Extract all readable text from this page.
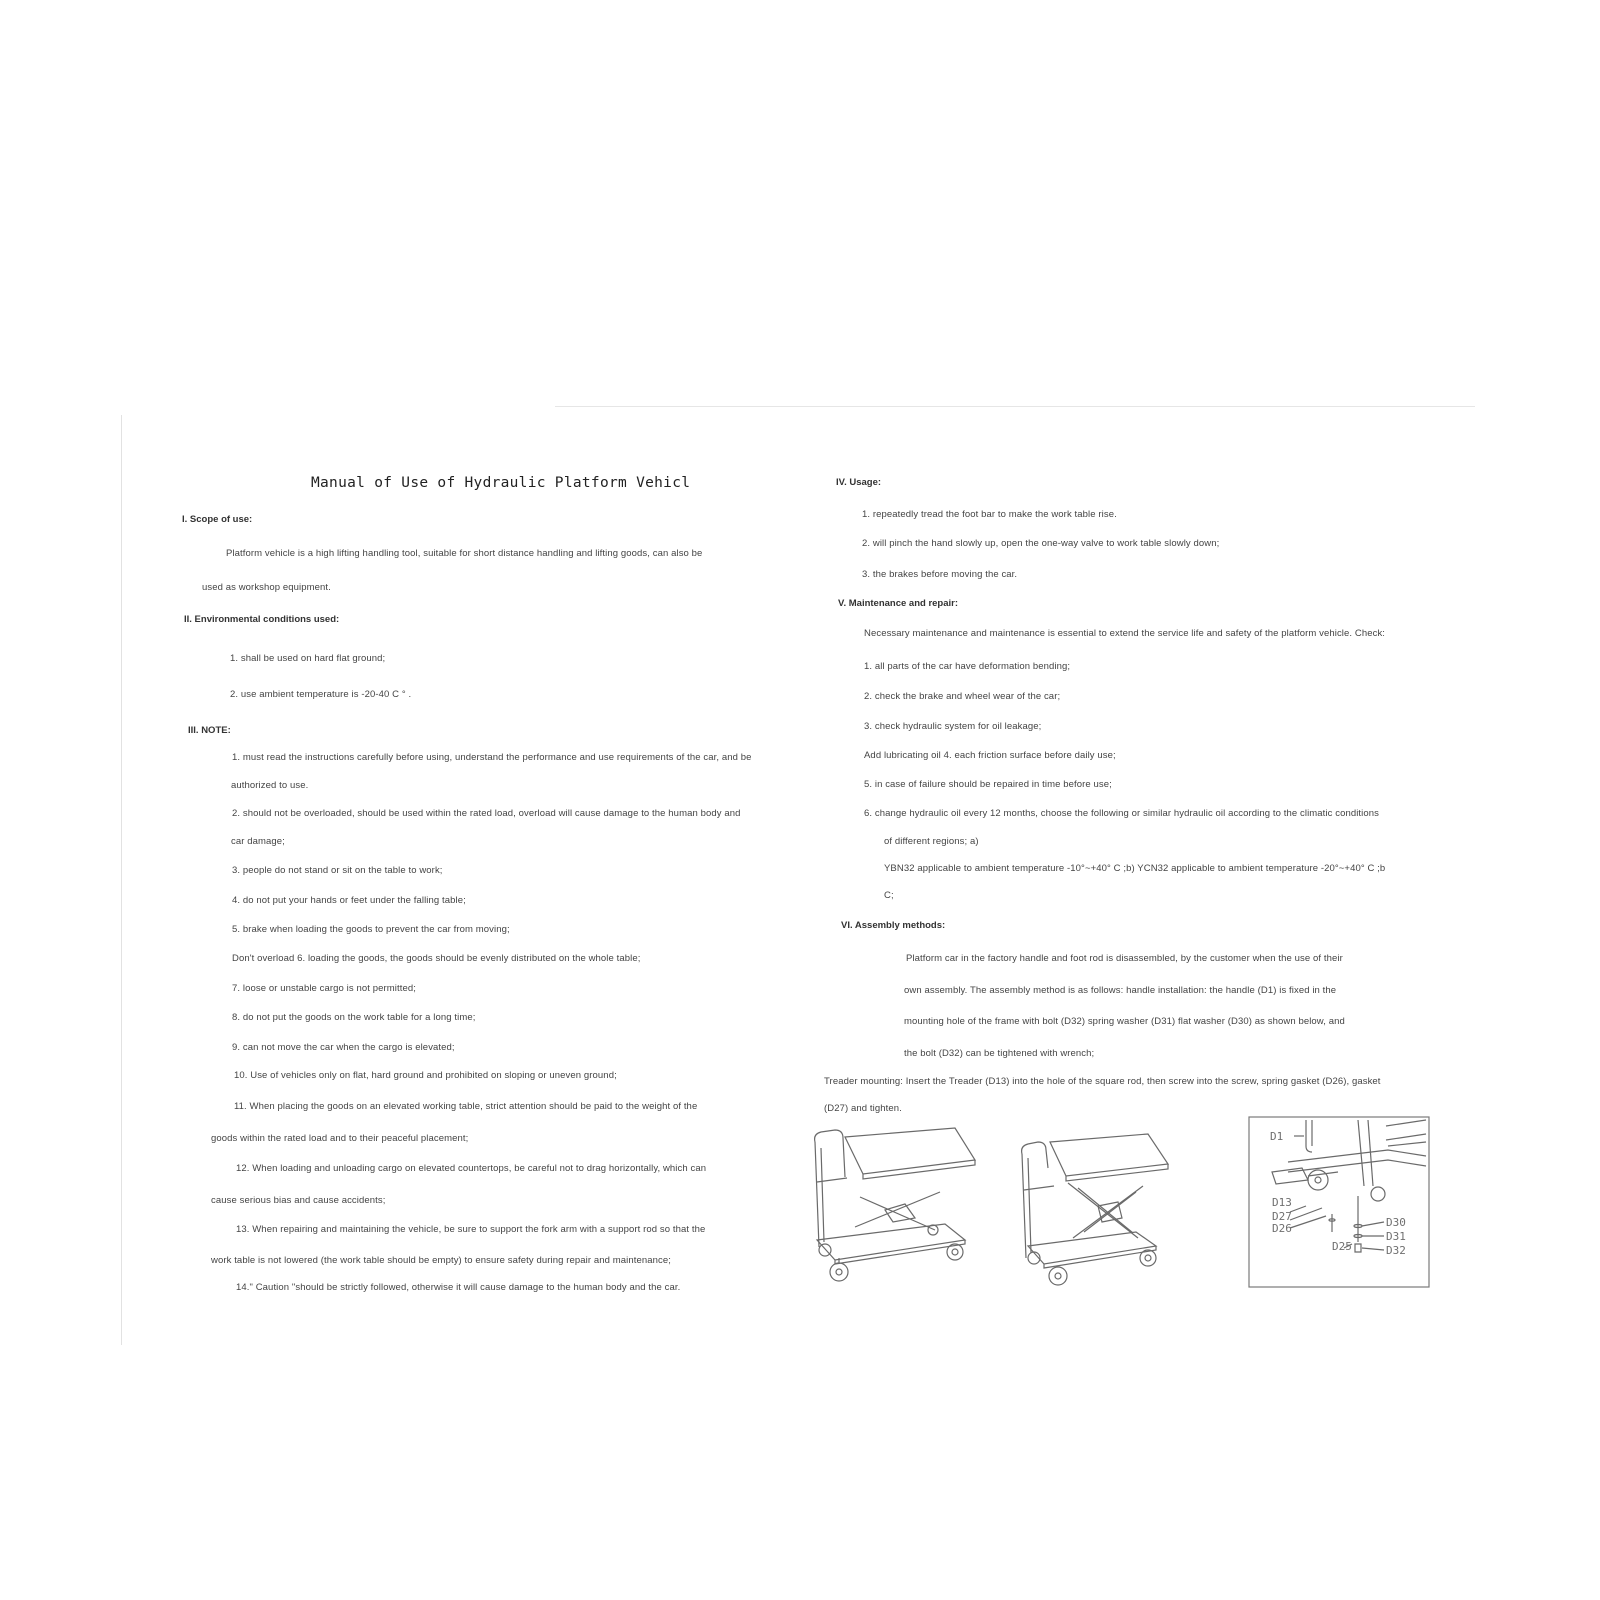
Manual of Use of Hydraulic Platform Vehicl
I. Scope of use:
Platform vehicle is a high lifting handling tool, suitable for short distance handling and lifting goods, can also be
used as workshop equipment.
II. Environmental conditions used:
1. shall be used on hard flat ground;
2. use ambient temperature is -20-40 C ° .
III. NOTE:
1. must read the instructions carefully before using, understand the performance and use requirements of the car, and be
authorized to use.
2. should not be overloaded, should be used within the rated load, overload will cause damage to the human body and
car damage;
3. people do not stand or sit on the table to work;
4. do not put your hands or feet under the falling table;
5. brake when loading the goods to prevent the car from moving;
Don't overload 6. loading the goods, the goods should be evenly distributed on the whole table;
7. loose or unstable cargo is not permitted;
8. do not put the goods on the work table for a long time;
9. can not move the car when the cargo is elevated;
10. Use of vehicles only on flat, hard ground and prohibited on sloping or uneven ground;
11. When placing the goods on an elevated working table, strict attention should be paid to the weight of the
goods within the rated load and to their peaceful placement;
12. When loading and unloading cargo on elevated countertops, be careful not to drag horizontally, which can
cause serious bias and cause accidents;
13. When repairing and maintaining the vehicle, be sure to support the fork arm with a support rod so that the
work table is not lowered (the work table should be empty) to ensure safety during repair and maintenance;
14." Caution "should be strictly followed, otherwise it will cause damage to the human body and the car.
IV. Usage:
1. repeatedly tread the foot bar to make the work table rise.
2. will pinch the hand slowly up, open the one-way valve to work table slowly down;
3. the brakes before moving the car.
V. Maintenance and repair:
Necessary maintenance and maintenance is essential to extend the service life and safety of the platform vehicle. Check:
1. all parts of the car have deformation bending;
2. check the brake and wheel wear of the car;
3. check hydraulic system for oil leakage;
Add lubricating oil 4. each friction surface before daily use;
5. in case of failure should be repaired in time before use;
6. change hydraulic oil every 12 months, choose the following or similar hydraulic oil according to the climatic conditions
of different regions; a)
YBN32 applicable to ambient temperature -10°~+40° C ;b) YCN32 applicable to ambient temperature -20°~+40° C ;b
C;
VI. Assembly methods:
Platform car in the factory handle and foot rod is disassembled, by the customer when the use of their
own assembly. The assembly method is as follows: handle installation: the handle (D1) is fixed in the
mounting hole of the frame with bolt (D32) spring washer (D31) flat washer (D30) as shown below, and
the bolt (D32) can be tightened with wrench;
Treader mounting: Insert the Treader (D13) into the hole of the square rod, then screw into the screw, spring gasket (D26), gasket
(D27) and tighten.
D1
D13
D27
D26
D25
D30
D31
D32
